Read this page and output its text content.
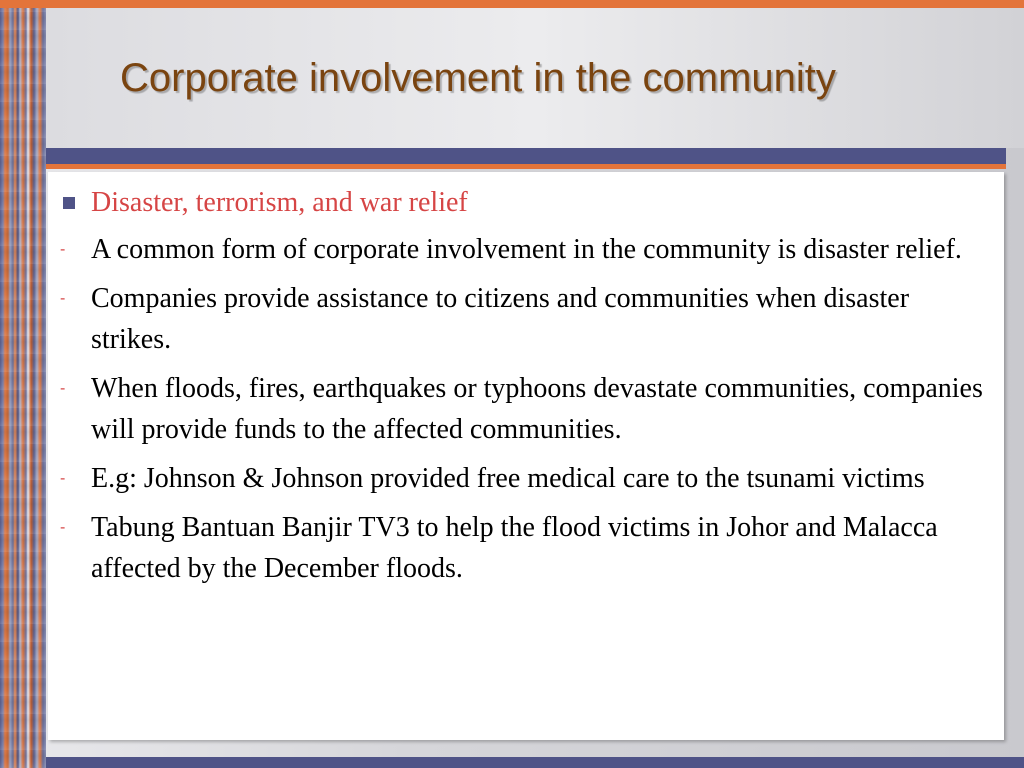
Corporate involvement in the community
Disaster, terrorism, and war relief
- A common form of corporate involvement in the community is disaster relief.
- Companies provide assistance to citizens and communities when disaster strikes.
- When floods, fires, earthquakes or typhoons devastate communities, companies will provide funds to the affected communities.
- E.g: Johnson & Johnson provided free medical care to the tsunami victims
- Tabung Bantuan Banjir TV3 to help the flood victims in Johor and Malacca affected by the December floods.
